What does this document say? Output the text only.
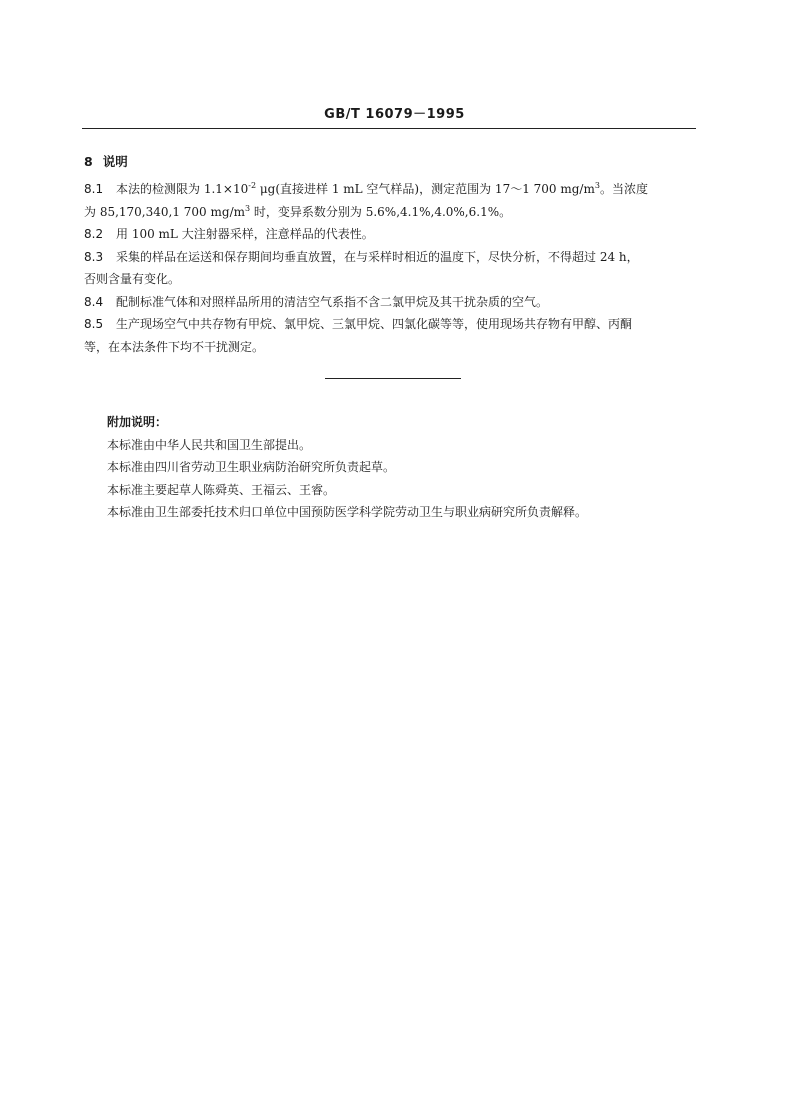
GB/T 16079－1995
8 说明

8.1 本法的检测限为 $1.1\times 10^{-2}$ μg(直接进样 1 mL 空气样品)，测定范围为 17～1 700 $mg/m^3$。当浓度

为 85,170,340,1 700 $mg/m^3$ 时，变异系数分别为 5.6%,4.1%,4.0%,6.1%。

8.2 用 100 mL 大注射器采样，注意样品的代表性。

8.3 采集的样品在运送和保存期间均垂直放置，在与采样时相近的温度下，尽快分析，不得超过 24 h，

否则含量有变化。

8.4 配制标准气体和对照样品所用的清洁空气系指不含二氯甲烷及其干扰杂质的空气。

8.5 生产现场空气中共存物有甲烷、氯甲烷、三氯甲烷、四氯化碳等等，使用现场共存物有甲醇、丙酮

等，在本法条件下均不干扰测定。

附加说明：

本标准由中华人民共和国卫生部提出。

本标准由四川省劳动卫生职业病防治研究所负责起草。

本标准主要起草人陈舜英、王福云、王睿。

本标准由卫生部委托技术归口单位中国预防医学科学院劳动卫生与职业病研究所负责解释。
